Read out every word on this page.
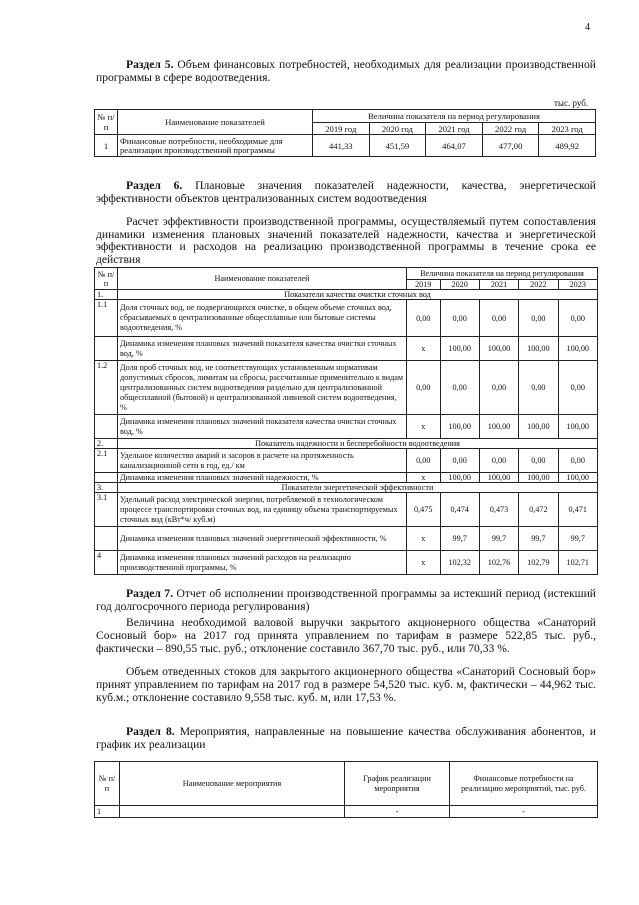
4
Раздел 5. Объем финансовых потребностей, необходимых для реализации производственной программы в сфере водоотведения.
тыс. руб.
№ п/п	Наименование показателей	Величина показателя на период регулирования				
		2019 год	2020 год	2021 год	2022 год	2023 год
1	Финансовые потребности, необходимые для реализации производственной программы	441,33	451,59	464,07	477,00	489,92
Раздел 6. Плановые значения показателей надежности, качества, энергетической эффективности объектов централизованных систем водоотведения
Расчет эффективности производственной программы, осуществляемый путем сопоставления динамики изменения плановых значений показателей надежности, качества и энергетической эффективности и расходов на реализацию производственной программы в течение срока ее действия
№ п/п	Наименование показателей	Величина показателя на период регулирования				
		2019	2020	2021	2022	2023
1.	Показатели качества очистки сточных вод					
1.1	Доля сточных вод, не подвергающихся очистке, в общем объеме сточных вод, сбрасываемых в централизованные общесплавные или бытовые системы водоотведения, %	0,00	0,00	0,00	0,00	0,00
	Динамика изменения плановых значений показателя качества очистки сточных вод, %	x	100,00	100,00	100,00	100,00
1.2	Доля проб сточных вод, не соответствующих установленным нормативам допустимых сбросов, лимитам на сбросы, рассчитанные применительно к видам централизованных систем водоотведения раздельно для централизованной общесплавной (бытовой) и централизованной ливневой систем водоотведения, %	0,00	0,00	0,00	0,00	0,00
	Динамика изменения плановых значений показателя качества очистки сточных вод, %	x	100,00	100,00	100,00	100,00
2.	Показатель надежности и бесперебойности водоотведения					
2.1	Удельное количество аварий и засоров в расчете на протяженность канализационной сети в год, ед./ км	0,00	0,00	0,00	0,00	0,00
	Динамика изменения плановых значений надежности, %	x	100,00	100,00	100,00	100,00
3.	Показатели энергетической эффективности					
3.1	Удельный расход электрической энергии, потребляемой в технологическом процессе транспортировки сточных вод, на единицу объема транспортируемых сточных вод (кВт*ч/ куб.м)	0,475	0,474	0,473	0,472	0,471
	Динамика изменения плановых значений энергетической эффективности, %	x	99,7	99,7	99,7	99,7
4	Динамика изменения плановых значений расходов на реализацию производственной программы, %	x	102,32	102,76	102,79	102,71
Раздел 7. Отчет об исполнении производственной программы за истекший период (истекший год долгосрочного периода регулирования)
Величина необходимой валовой выручки закрытого акционерного общества «Санаторий Сосновый бор» на 2017 год принята управлением по тарифам в размере 522,85 тыс. руб., фактически – 890,55 тыс. руб.; отклонение составило 367,70 тыс. руб., или 70,33 %.
Объем отведенных стоков для закрытого акционерного общества «Санаторий Сосновый бор» принят управлением по тарифам на 2017 год в размере 54,520 тыс. куб. м, фактически – 44,962 тыс. куб.м.; отклонение составило 9,558 тыс. куб. м, или 17,53 %.
Раздел 8. Мероприятия, направленные на повышение качества обслуживания абонентов, и график их реализации
№ п/п	Наименование мероприятия	График реализации мероприятия	Финансовые потребности на реализацию мероприятий, тыс. руб.
1		-	-
